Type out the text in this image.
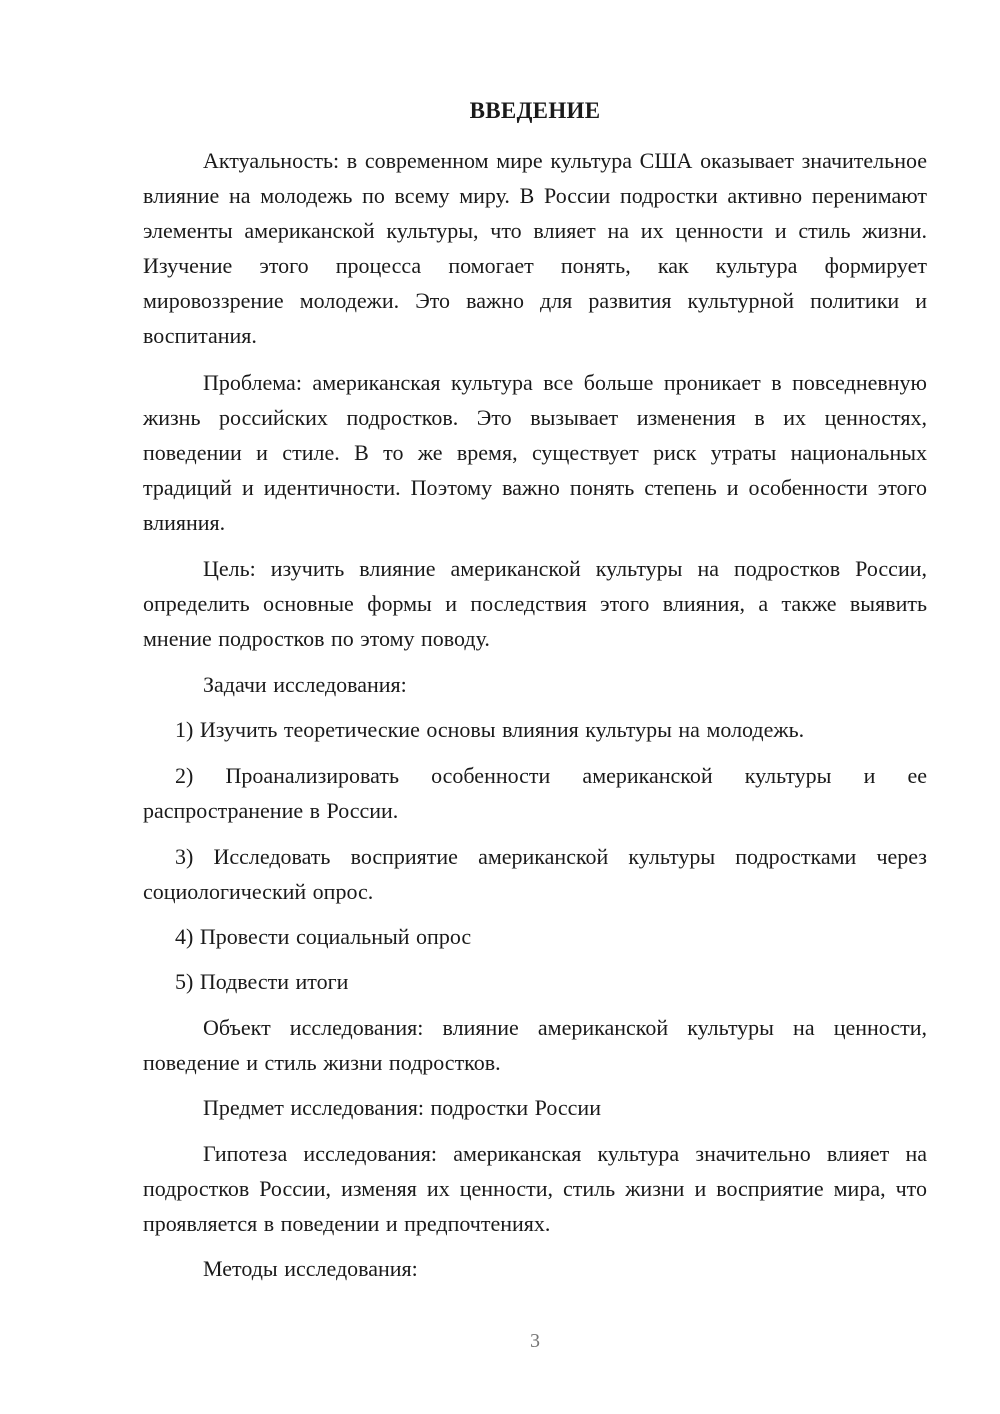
ВВЕДЕНИЕ

Актуальность: в современном мире культура США оказывает значительное влияние на молодежь по всему миру. В России подростки активно перенимают элементы американской культуры, что влияет на их ценности и стиль жизни. Изучение этого процесса помогает понять, как культура формирует мировоззрение молодежи. Это важно для развития культурной политики и воспитания.

Проблема: американская культура все больше проникает в повседневную жизнь российских подростков. Это вызывает изменения в их ценностях, поведении и стиле. В то же время, существует риск утраты национальных традиций и идентичности. Поэтому важно понять степень и особенности этого влияния.

Цель: изучить влияние американской культуры на подростков России, определить основные формы и последствия этого влияния, а также выявить мнение подростков по этому поводу.

Задачи исследования:

1) Изучить теоретические основы влияния культуры на молодежь.

2) Проанализировать особенности американской культуры и ее распространение в России.

3) Исследовать восприятие американской культуры подростками через социологический опрос.

4) Провести социальный опрос

5) Подвести итоги

Объект исследования: влияние американской культуры на ценности, поведение и стиль жизни подростков.

Предмет исследования: подростки России

Гипотеза исследования: американская культура значительно влияет на подростков России, изменяя их ценности, стиль жизни и восприятие мира, что проявляется в поведении и предпочтениях.

Методы исследования:

3
